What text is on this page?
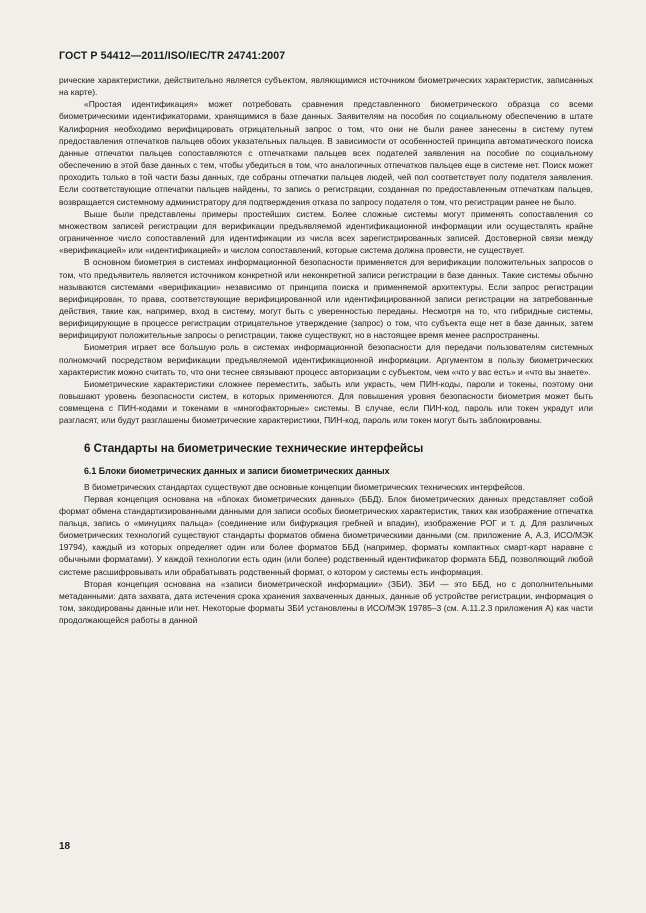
ГОСТ Р 54412—2011/ISO/IEC/TR 24741:2007

рические характеристики, действительно является субъектом, являющимися источником биометрических характеристик, записанных на карте).

«Простая идентификация» может потребовать сравнения представленного биометрического образца со всеми биометрическими идентификаторами, хранящимися в базе данных. Заявителям на пособия по социальному обеспечению в штате Калифорния необходимо верифицировать отрицательный запрос о том, что они не были ранее занесены в систему путем предоставления отпечатков пальцев обоих указательных пальцев. В зависимости от особенностей принципа автоматического поиска данные отпечатки пальцев сопоставляются с отпечатками пальцев всех подателей заявления на пособие по социальному обеспечению в этой базе данных с тем, чтобы убедиться в том, что аналогичных отпечатков пальцев еще в системе нет. Поиск может проходить только в той части базы данных, где собраны отпечатки пальцев людей, чей пол соответствует полу подателя заявления. Если соответствующие отпечатки пальцев найдены, то запись о регистрации, созданная по предоставленным отпечаткам пальцев, возвращается системному администратору для подтверждения отказа по запросу подателя о том, что регистрации ранее не было.

Выше были представлены примеры простейших систем. Более сложные системы могут применять сопоставления со множеством записей регистрации для верификации предъявляемой идентификационной информации или осуществлять крайне ограниченное число сопоставлений для идентификации из числа всех зарегистрированных записей. Достоверной связи между «верификацией» или «идентификацией» и числом сопоставлений, которые система должна провести, не существует.

В основном биометрия в системах информационной безопасности применяется для верификации положительных запросов о том, что предъявитель является источником конкретной или неконкретной записи регистрации в базе данных. Такие системы обычно называются системами «верификации» независимо от принципа поиска и применяемой архитектуры. Если запрос регистрации верифицирован, то права, соответствующие верифицированной или идентифицированной записи регистрации на затребованные действия, такие как, например, вход в систему, могут быть с уверенностью переданы. Несмотря на то, что гибридные системы, верифицирующие в процессе регистрации отрицательное утверждение (запрос) о том, что субъекта еще нет в базе данных, затем верифицируют положительные запросы о регистрации, также существуют, но в настоящее время менее распространены.

Биометрия играет все большую роль в системах информационной безопасности для передачи пользователям системных полномочий посредством верификации предъявляемой идентификационной информации. Аргументом в пользу биометрических характеристик можно считать то, что они теснее связывают процесс авторизации с субъектом, чем «что у вас есть» и «что вы знаете».

Биометрические характеристики сложнее переместить, забыть или украсть, чем ПИН-коды, пароли и токены, поэтому они повышают уровень безопасности систем, в которых применяются. Для повышения уровня безопасности биометрия может быть совмещена с ПИН-кодами и токенами в «многофакторные» системы. В случае, если ПИН-код, пароль или токен украдут или разгласят, или будут разглашены биометрические характеристики, ПИН-код, пароль или токен могут быть заблокированы.

6 Стандарты на биометрические технические интерфейсы
6.1 Блоки биометрических данных и записи биометрических данных

В биометрических стандартах существуют две основные концепции биометрических технических интерфейсов.

Первая концепция основана на «блоках биометрических данных» (ББД). Блок биометрических данных представляет собой формат обмена стандартизированными данными для записи особых биометрических характеристик, таких как изображение отпечатка пальца, запись о «минуциях пальца» (соединение или бифуркация гребней и впадин), изображение РОГ и т. д. Для различных биометрических технологий существуют стандарты форматов обмена биометрическими данными (см. приложение А, А.3, ИСО/МЭК 19794), каждый из которых определяет один или более форматов ББД (например, форматы компактных смарт-карт наравне с обычными форматами). У каждой технологии есть один (или более) родственный идентификатор формата ББД, позволяющий любой системе расшифровывать или обрабатывать родственный формат, о котором у системы есть информация.

Вторая концепция основана на «записи биометрической информации» (ЗБИ). ЗБИ — это ББД, но с дополнительными метаданными: дата захвата, дата истечения срока хранения захваченных данных, данные об устройстве регистрации, информация о том, закодированы данные или нет. Некоторые форматы ЗБИ установлены в ИСО/МЭК 19785–3 (см. А.11.2.3 приложения А) как части продолжающейся работы в данной

18
